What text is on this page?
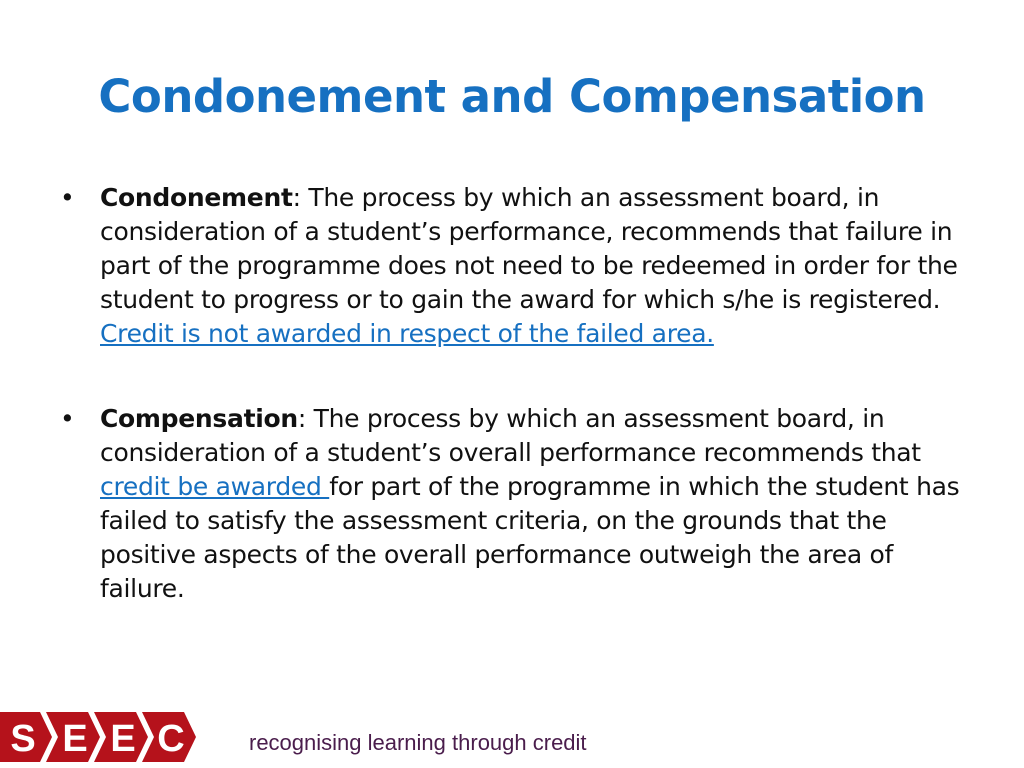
Condonement and Compensation
• Condonement: The process by which an assessment board, in consideration of a student’s performance, recommends that failure in part of the programme does not need to be redeemed in order for the student to progress or to gain the award for which s/he is registered. Credit is not awarded in respect of the failed area.
• Compensation: The process by which an assessment board, in consideration of a student’s overall performance recommends that credit be awarded for part of the programme in which the student has failed to satisfy the assessment criteria, on the grounds that the positive aspects of the overall performance outweigh the area of failure.
S E E C	recognising learning through credit
